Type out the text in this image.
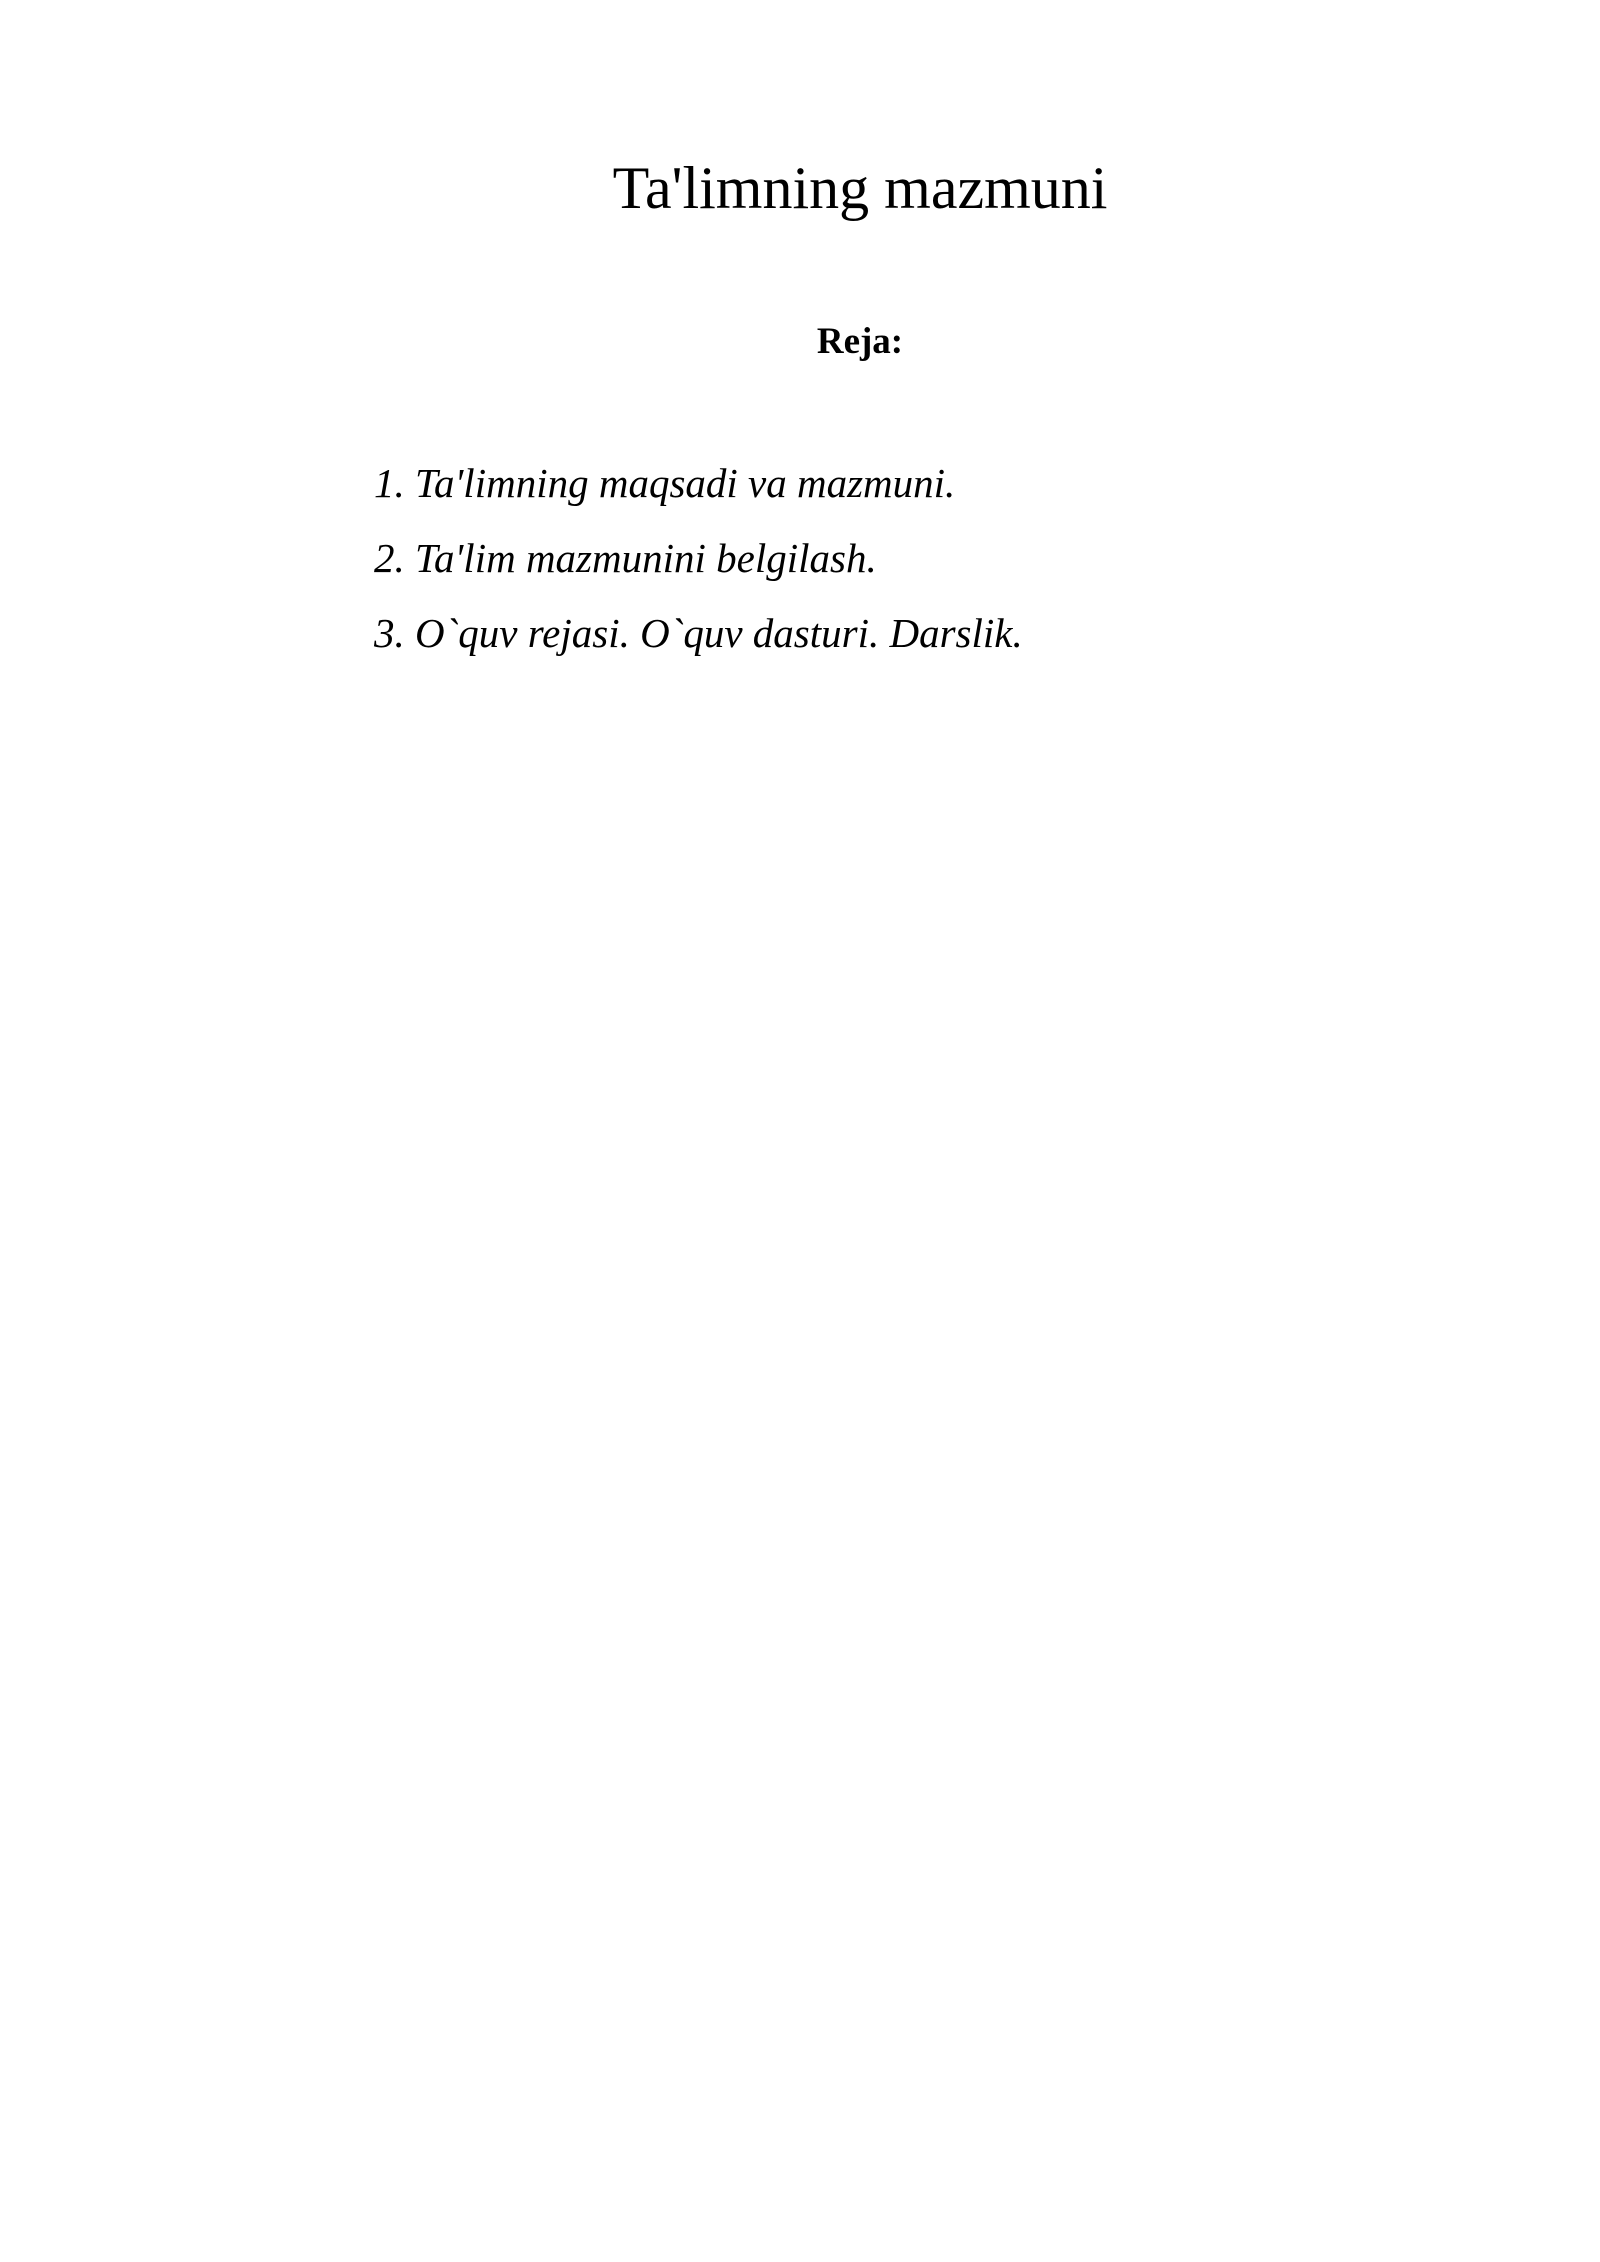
Ta'limning mazmuni
Reja:
1. Ta'limning maqsadi va mazmuni.
2. Ta'lim mazmunini belgilash.
3. O`quv rejasi. O`quv dasturi. Darslik.
